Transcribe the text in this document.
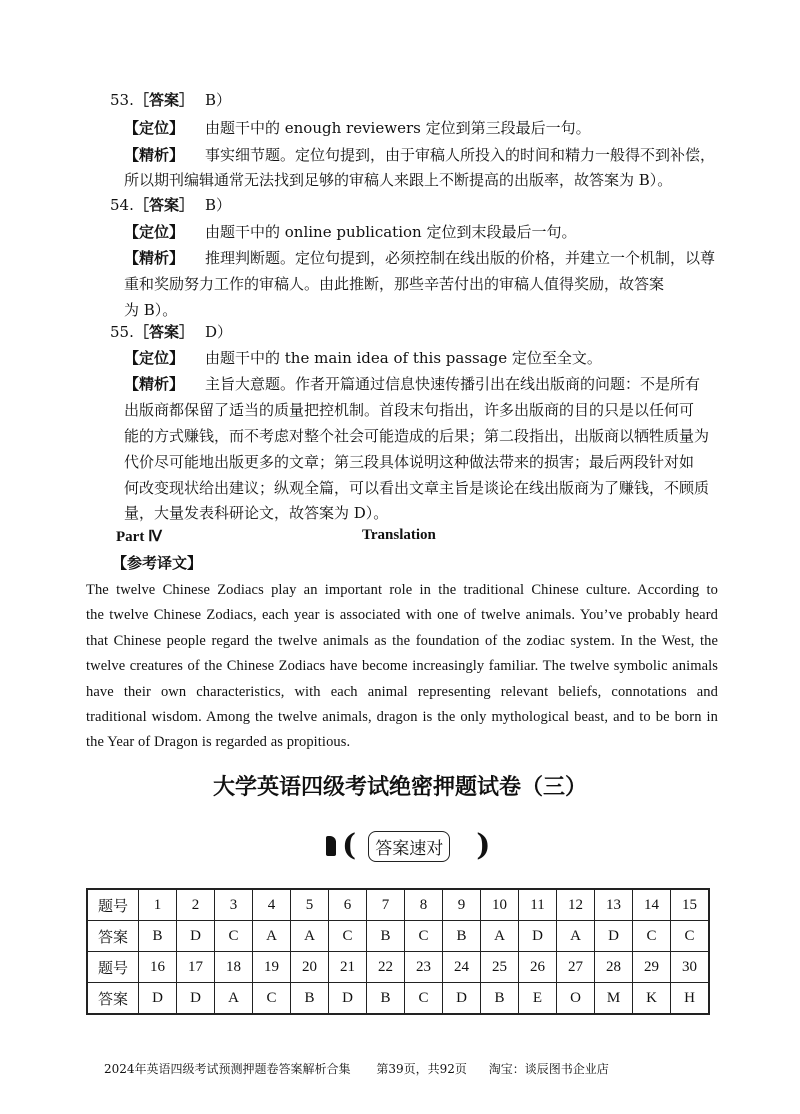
53. ［答案］ B）
【定位】 由题干中的 enough reviewers 定位到第三段最后一句。
【精析】 事实细节题。定位句提到，由于审稿人所投入的时间和精力一般得不到补偿，
所以期刊编辑通常无法找到足够的审稿人来跟上不断提高的出版率，故答案为 B）。
54. ［答案］ B）
【定位】 由题干中的 online publication 定位到末段最后一句。
【精析】 推理判断题。定位句提到，必须控制在线出版的价格，并建立一个机制，以尊
重和奖励努力工作的审稿人。由此推断，那些辛苦付出的审稿人值得奖励，故答案
为 B）。
55. ［答案］ D）
【定位】 由题干中的 the main idea of this passage 定位至全文。
【精析】 主旨大意题。作者开篇通过信息快速传播引出在线出版商的问题：不是所有
出版商都保留了适当的质量把控机制。首段末句指出，许多出版商的目的只是以任何可
能的方式赚钱，而不考虑对整个社会可能造成的后果；第二段指出，出版商以牺牲质量为
代价尽可能地出版更多的文章；第三段具体说明这种做法带来的损害；最后两段针对如
何改变现状给出建议；纵观全篇，可以看出文章主旨是谈论在线出版商为了赚钱，不顾质
量，大量发表科研论文，故答案为 D）。
Part Ⅳ	Translation
【参考译文】
The twelve Chinese Zodiacs play an important role in the traditional Chinese culture. According to
the twelve Chinese Zodiacs, each year is associated with one of twelve animals. You’ve probably heard
that Chinese people regard the twelve animals as the foundation of the zodiac system. In the West, the
twelve creatures of the Chinese Zodiacs have become increasingly familiar. The twelve symbolic animals
have their own characteristics, with each animal representing relevant beliefs, connotations and
traditional wisdom. Among the twelve animals, dragon is the only mythological beast, and to be born in
the Year of Dragon is regarded as propitious.
大学英语四级考试绝密押题试卷（三）
(	答案速对 )
题号	1	2	3	4	5	6	7	8	9	10	11	12	13	14	15
答案	B	D	C	A	A	C	B	C	B	A	D	A	D	C	C
题号	16	17	18	19	20	21	22	23	24	25	26	27	28	29	30
答案	D	D	A	C	B	D	B	C	D	B	E	O	M	K	H
2024年英语四级考试预测押题卷答案解析合集 第39页，共92页 淘宝：谈辰图书企业店
